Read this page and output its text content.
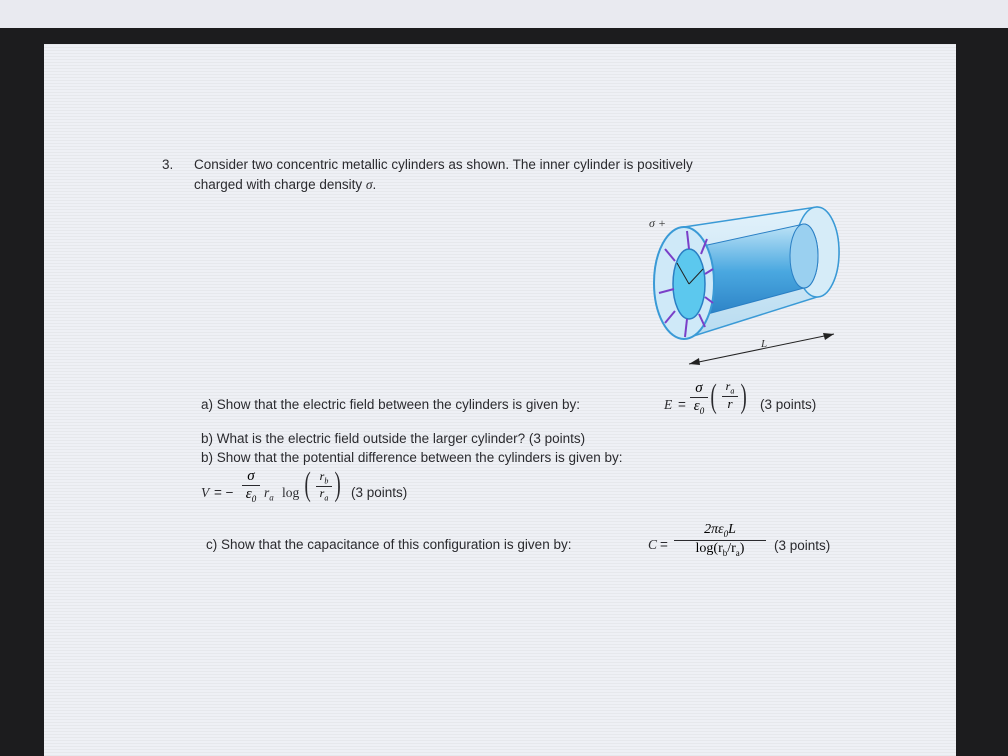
3. Consider two concentric metallic cylinders as shown. The inner cylinder is positively
charged with charge density σ.
L
σ +
a) Show that the electric field between the cylinders is given by:	E =
σ
$\varepsilon_0$ ( $r_a$
r ) (3 points)
b) What is the electric field outside the larger cylinder? (3 points)
b) Show that the potential difference between the cylinders is given by:
V = −
σ
$\varepsilon_0$ $r_a$ log ( $r_b$
$r_a$ ) (3 points)
c) Show that the capacitance of this configuration is given by:	C =
$2\pi\varepsilon_0L$
$\log(r_b/r_a)$ (3 points)
